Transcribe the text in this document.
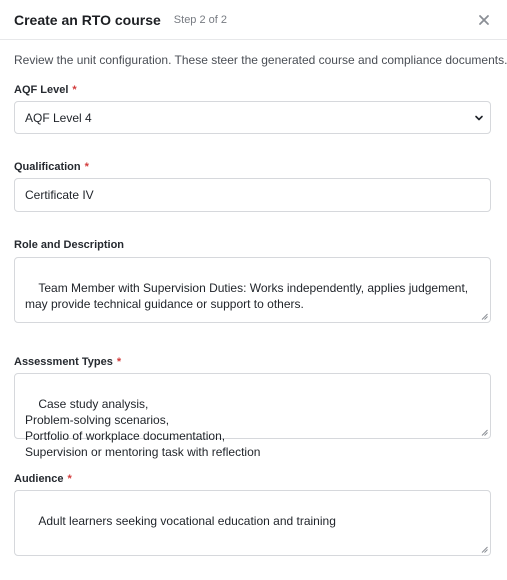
Create an RTO course Step 2 of 2
Review the unit configuration. These steer the generated course and compliance documents.
AQF Level *
AQF Level 4
Qualification *
Certificate IV
Role and Description

Team Member with Supervision Duties: Works independently, applies judgement, may provide technical guidance or support to others.

Assessment Types *

Case study analysis,
Problem-solving scenarios,
Portfolio of workplace documentation,
Supervision or mentoring task with reflection

Audience *

Adult learners seeking vocational education and training
